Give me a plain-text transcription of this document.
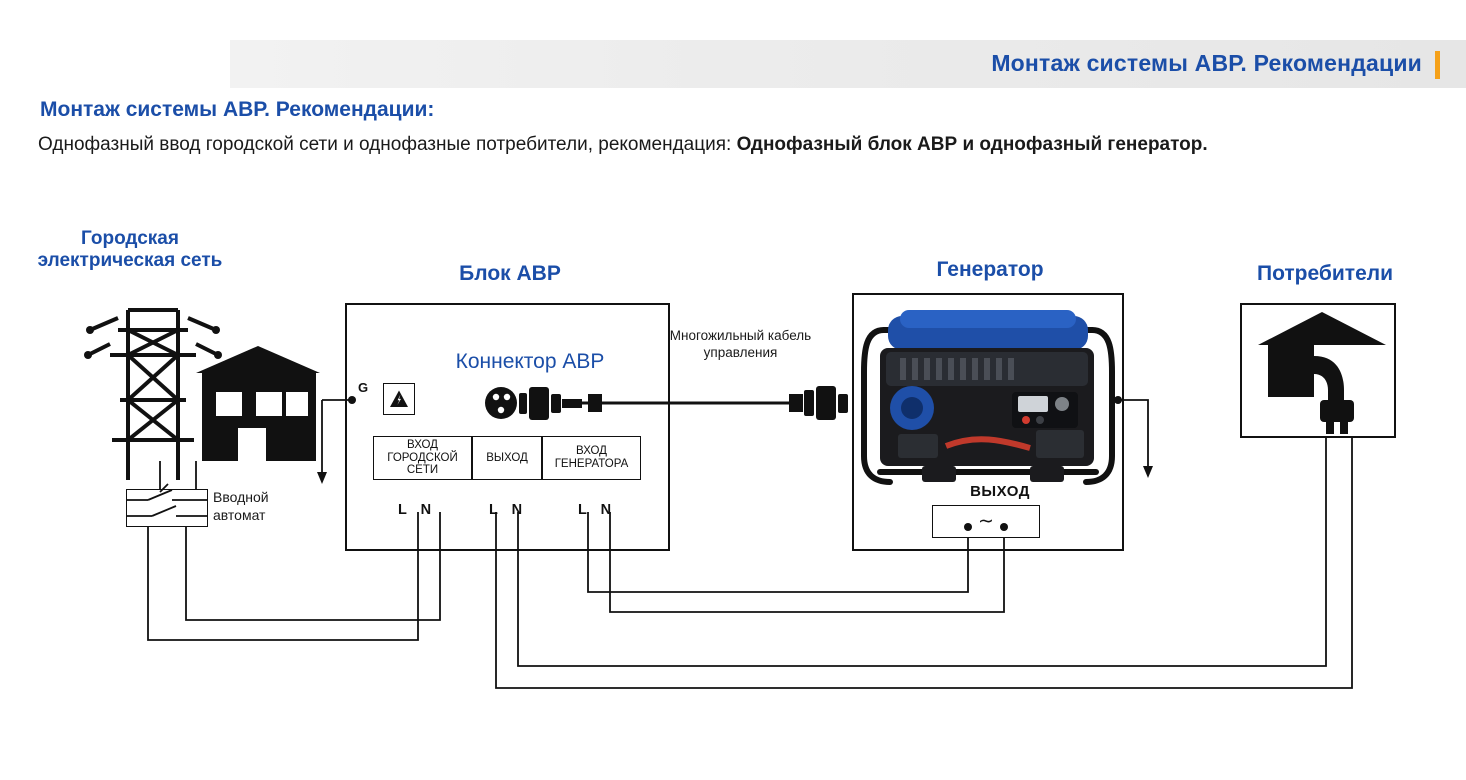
Монтаж системы АВР. Рекомендации
Монтаж системы АВР. Рекомендации:
Однофазный ввод городской сети и однофазные потребители, рекомендация: Однофазный блок АВР и однофазный генератор.
Городская электрическая сеть
Блок АВР	Генератор	Потребители
Коннектор АВР
Многожильный кабель управления
Вводной автомат
ВЫХОД
G
ВХОД ГОРОДСКОЙ СЕТИ
ВЫХОД
ВХОД ГЕНЕРАТОРА
L N	L N	L N
∼
